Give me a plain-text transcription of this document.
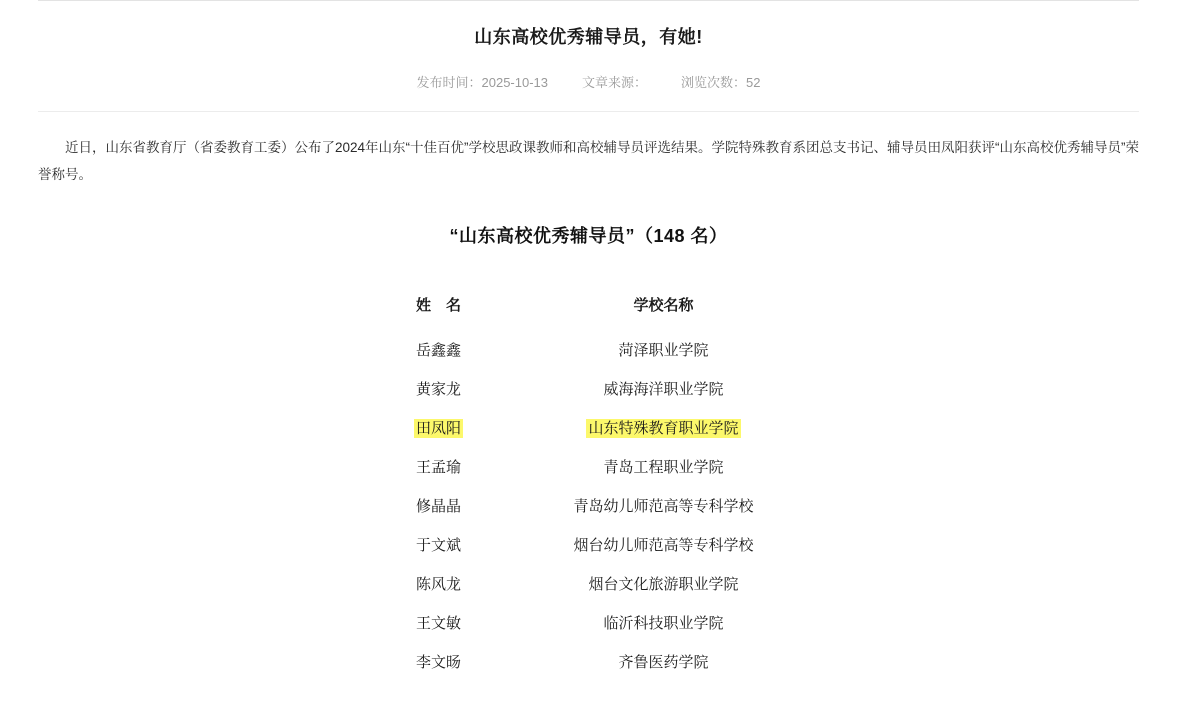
山东高校优秀辅导员，有她!
发布时间：2025-10-13	文章来源：	浏览次数：52

近日，山东省教育厅（省委教育工委）公布了2024年山东“十佳百优”学校思政课教师和高校辅导员评选结果。学院特殊教育系团总支书记、辅导员田凤阳获评“山东高校优秀辅导员”荣誉称号。

“山东高校优秀辅导员”（148 名）
姓　名	学校名称
岳鑫鑫	菏泽职业学院
黄家龙	威海海洋职业学院
田凤阳	山东特殊教育职业学院
王孟瑜	青岛工程职业学院
修晶晶	青岛幼儿师范高等专科学校
于文斌	烟台幼儿师范高等专科学校
陈风龙	烟台文化旅游职业学院
王文敏	临沂科技职业学院
李文旸	齐鲁医药学院
